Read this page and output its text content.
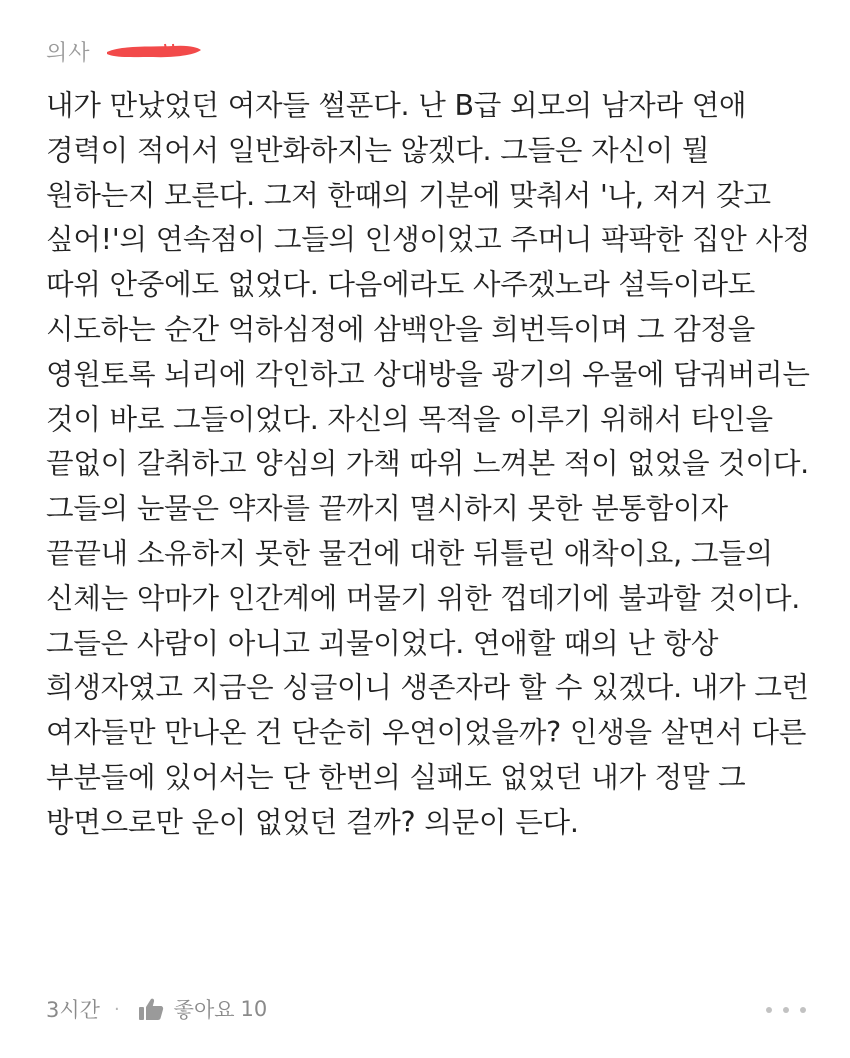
의사
내가 만났었던 여자들 썰푼다. 난 B급 외모의 남자라 연애 경력이 적어서 일반화하지는 않겠다. 그들은 자신이 뭘 원하는지 모른다. 그저 한때의 기분에 맞춰서 '나, 저거 갖고 싶어!'의 연속점이 그들의 인생이었고 주머니 팍팍한 집안 사정 따위 안중에도 없었다. 다음에라도 사주겠노라 설득이라도 시도하는 순간 억하심정에 삼백안을 희번득이며 그 감정을 영원토록 뇌리에 각인하고 상대방을 광기의 우물에 담궈버리는 것이 바로 그들이었다. 자신의 목적을 이루기 위해서 타인을 끝없이 갈취하고 양심의 가책 따위 느껴본 적이 없었을 것이다. 그들의 눈물은 약자를 끝까지 멸시하지 못한 분통함이자 끝끝내 소유하지 못한 물건에 대한 뒤틀린 애착이요, 그들의 신체는 악마가 인간계에 머물기 위한 껍데기에 불과할 것이다. 그들은 사람이 아니고 괴물이었다. 연애할 때의 난 항상 희생자였고 지금은 싱글이니 생존자라 할 수 있겠다. 내가 그런 여자들만 만나온 건 단순히 우연이었을까? 인생을 살면서 다른 부분들에 있어서는 단 한번의 실패도 없었던 내가 정말 그 방면으로만 운이 없었던 걸까? 의문이 든다.
3시간 ·	좋아요 10
